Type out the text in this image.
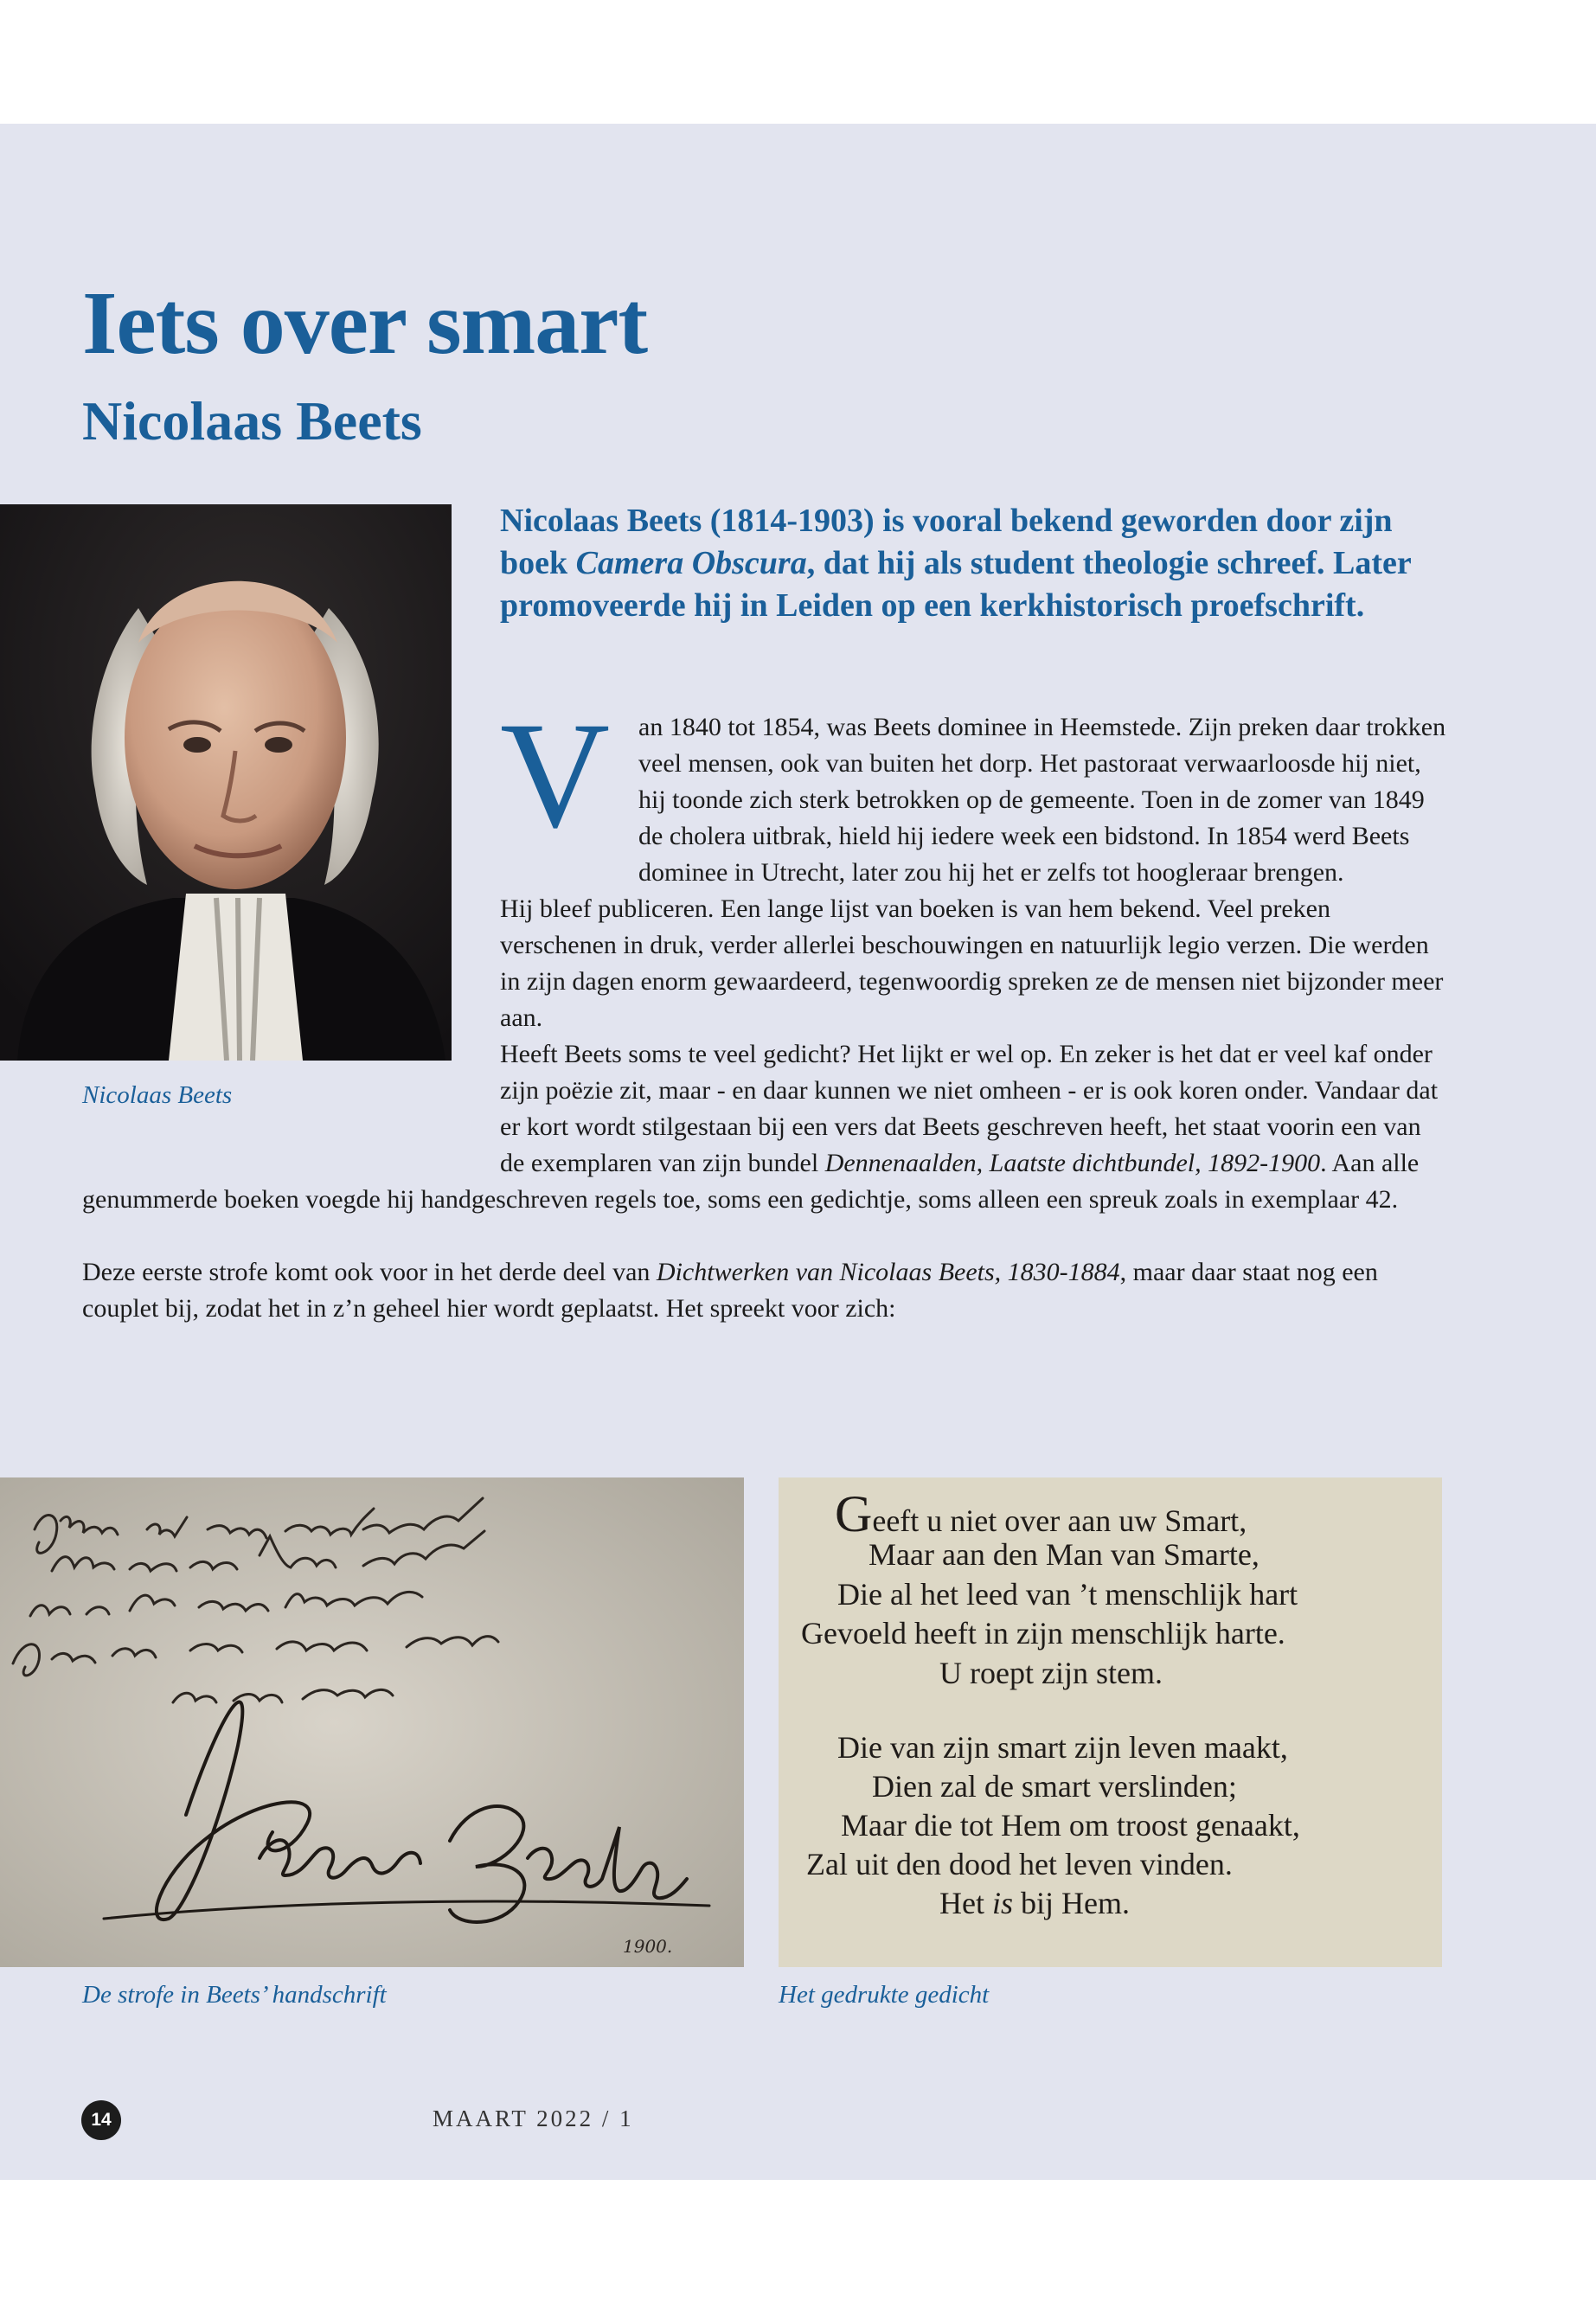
Iets over smart
Nicolaas Beets
Nicolaas Beets

Nicolaas Beets (1814-1903) is vooral bekend geworden door zijn boek Camera Obscura, dat hij als student theologie schreef. Later promoveerde hij in Leiden op een kerkhistorisch proefschrift.

V	an 1840 tot 1854, was Beets dominee in Heemstede. Zijn preken daar trokken veel mensen, ook van buiten het dorp. Het pastoraat verwaarloosde hij niet, hij toonde zich sterk betrokken op de gemeente. Toen in de zomer van 1849 de cholera uitbrak, hield hij iedere week een bidstond. In 1854 werd Beets dominee in Utrecht, later zou hij het er zelfs tot hoogleraar brengen.

Hij bleef publiceren. Een lange lijst van boeken is van hem bekend. Veel preken verschenen in druk, verder allerlei beschouwingen en natuurlijk legio verzen. Die werden in zijn dagen enorm gewaardeerd, tegenwoordig spreken ze de mensen niet bijzonder meer aan.

Heeft Beets soms te veel gedicht? Het lijkt er wel op. En zeker is het dat er veel kaf onder zijn poëzie zit, maar - en daar kunnen we niet omheen - er is ook koren onder. Vandaar dat er kort wordt stilgestaan bij een vers dat Beets geschreven heeft, het staat voorin een van de exemplaren van zijn bundel Dennenaalden, Laatste dichtbundel, 1892-1900. Aan alle genummerde boeken voegde hij handgeschreven regels toe, soms een gedichtje, soms alleen een spreuk zoals in exemplaar 42.

Deze eerste strofe komt ook voor in het derde deel van Dichtwerken van Nicolaas Beets, 1830-1884, maar daar staat nog een couplet bij, zodat het in z’n geheel hier wordt geplaatst. Het spreekt voor zich:

1900.
De strofe in Beets’ handschrift
Geeft u niet over aan uw Smart,
Maar aan den Man van Smarte,
Die al het leed van ’t menschlijk hart
Gevoeld heeft in zijn menschlijk harte.
U roept zijn stem.
Die van zijn smart zijn leven maakt,
Dien zal de smart verslinden;
Maar die tot Hem om troost genaakt,
Zal uit den dood het leven vinden.
Het is bij Hem.
Het gedrukte gedicht
14	MAART 2022 / 1
